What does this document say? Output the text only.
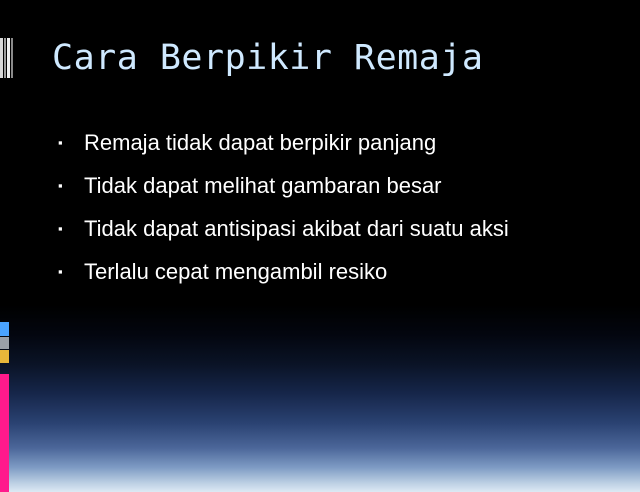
Cara Berpikir Remaja
▪ Remaja tidak dapat berpikir panjang
▪ Tidak dapat melihat gambaran besar
▪ Tidak dapat antisipasi akibat dari suatu aksi
▪ Terlalu cepat mengambil resiko
